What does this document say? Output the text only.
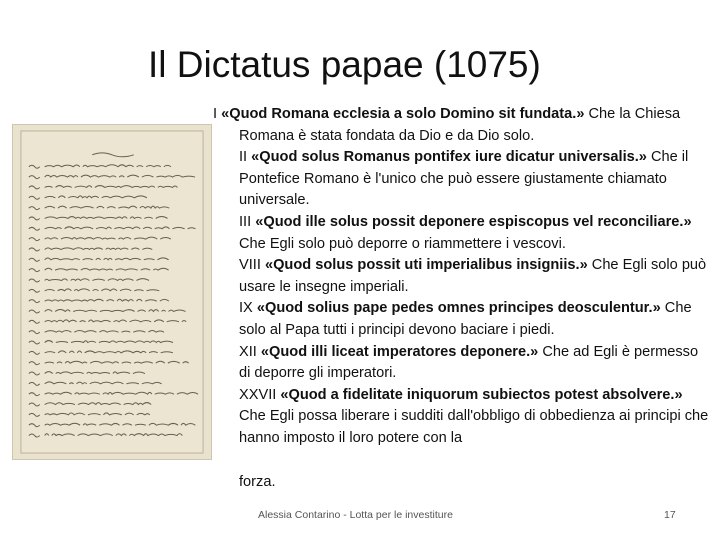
Il Dictatus papae (1075)

I «Quod Romana ecclesia a solo Domino sit fundata.» Che la Chiesa Romana è stata fondata da Dio e da Dio solo.

II «Quod solus Romanus pontifex iure dicatur universalis.» Che il Pontefice Romano è l'unico che può essere giustamente chiamato universale.

III «Quod ille solus possit deponere espiscopus vel reconciliare.» Che Egli solo può deporre o riammettere i vescovi.

VIII «Quod solus possit uti imperialibus insigniis.» Che Egli solo può usare le insegne imperiali.

IX «Quod solius pape pedes omnes principes deosculentur.» Che solo al Papa tutti i principi devono baciare i piedi.

XII «Quod illi liceat imperatores deponere.» Che ad Egli è permesso di deporre gli imperatori.

XXVII «Quod a fidelitate iniquorum subiectos potest absolvere.» Che Egli possa liberare i sudditi dall'obbligo di obbedienza ai principi che hanno imposto il loro potere con la

forza.

Alessia Contarino - Lotta per le investiture	17
